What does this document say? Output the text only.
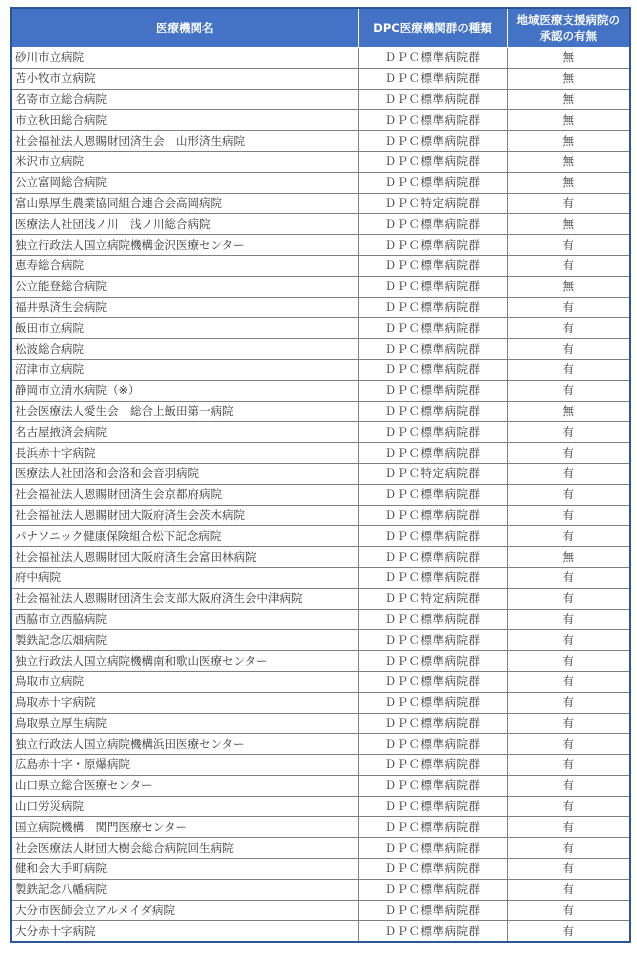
医療機関名	DPC医療機関群の種類	地域医療支援病院の
承認の有無
砂川市立病院	ＤＰＣ標準病院群	無
苫小牧市立病院	ＤＰＣ標準病院群	無
名寄市立総合病院	ＤＰＣ標準病院群	無
市立秋田総合病院	ＤＰＣ標準病院群	無
社会福祉法人恩賜財団済生会　山形済生病院	ＤＰＣ標準病院群	無
米沢市立病院	ＤＰＣ標準病院群	無
公立富岡総合病院	ＤＰＣ標準病院群	無
富山県厚生農業協同組合連合会高岡病院	ＤＰＣ特定病院群	有
医療法人社団浅ノ川　浅ノ川総合病院	ＤＰＣ標準病院群	無
独立行政法人国立病院機構金沢医療センター	ＤＰＣ標準病院群	有
恵寿総合病院	ＤＰＣ標準病院群	有
公立能登総合病院	ＤＰＣ標準病院群	無
福井県済生会病院	ＤＰＣ標準病院群	有
飯田市立病院	ＤＰＣ標準病院群	有
松波総合病院	ＤＰＣ標準病院群	有
沼津市立病院	ＤＰＣ標準病院群	有
静岡市立清水病院（※）	ＤＰＣ標準病院群	有
社会医療法人愛生会　総合上飯田第一病院	ＤＰＣ標準病院群	無
名古屋掖済会病院	ＤＰＣ標準病院群	有
長浜赤十字病院	ＤＰＣ標準病院群	有
医療法人社団洛和会洛和会音羽病院	ＤＰＣ特定病院群	有
社会福祉法人恩賜財団済生会京都府病院	ＤＰＣ標準病院群	有
社会福祉法人恩賜財団大阪府済生会茨木病院	ＤＰＣ標準病院群	有
パナソニック健康保険組合松下記念病院	ＤＰＣ標準病院群	有
社会福祉法人恩賜財団大阪府済生会富田林病院	ＤＰＣ標準病院群	無
府中病院	ＤＰＣ標準病院群	有
社会福祉法人恩賜財団済生会支部大阪府済生会中津病院	ＤＰＣ特定病院群	有
西脇市立西脇病院	ＤＰＣ標準病院群	有
製鉄記念広畑病院	ＤＰＣ標準病院群	有
独立行政法人国立病院機構南和歌山医療センター	ＤＰＣ標準病院群	有
鳥取市立病院	ＤＰＣ標準病院群	有
鳥取赤十字病院	ＤＰＣ標準病院群	有
鳥取県立厚生病院	ＤＰＣ標準病院群	有
独立行政法人国立病院機構浜田医療センター	ＤＰＣ標準病院群	有
広島赤十字・原爆病院	ＤＰＣ標準病院群	有
山口県立総合医療センター	ＤＰＣ標準病院群	有
山口労災病院	ＤＰＣ標準病院群	有
国立病院機構　関門医療センター	ＤＰＣ標準病院群	有
社会医療法人財団大樹会総合病院回生病院	ＤＰＣ標準病院群	有
健和会大手町病院	ＤＰＣ標準病院群	有
製鉄記念八幡病院	ＤＰＣ標準病院群	有
大分市医師会立アルメイダ病院	ＤＰＣ標準病院群	有
大分赤十字病院	ＤＰＣ標準病院群	有
